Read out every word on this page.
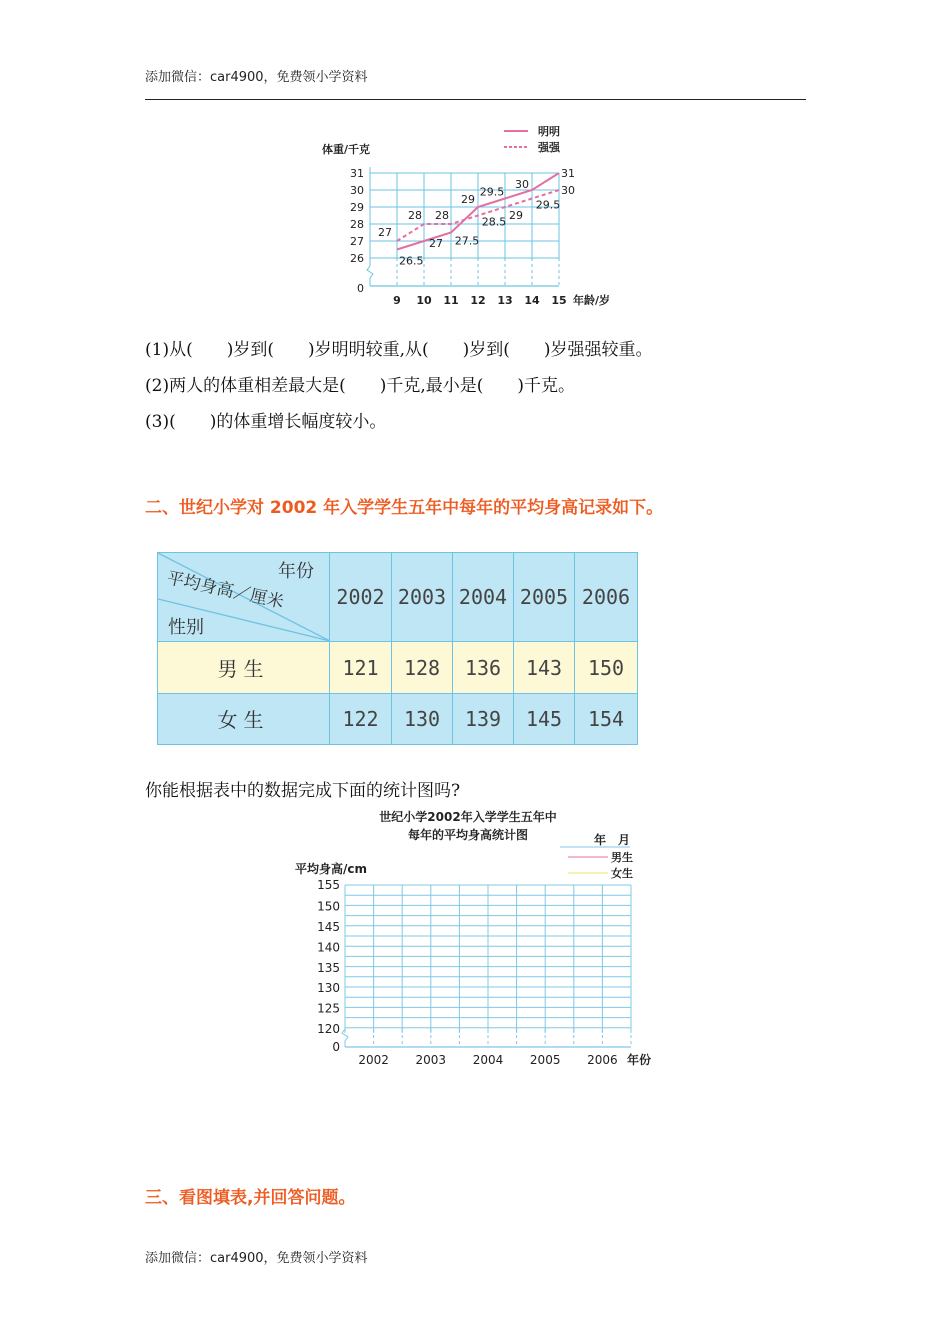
添加微信：car4900，免费领小学资料
0
26
27
28
29
30
31
9 10 11 12 13 14 15 年龄/岁
体重/千克
明明
强强
26.5
27 27.5
29
29.5
30
31
27
28 28	28.5 29
29.5
30
(1)从(　　)岁到(　　)岁明明较重,从(　　)岁到(　　)岁强强较重。
(2)两人的体重相差最大是(　　)千克,最小是(　　)千克。
(3)(　　)的体重增长幅度较小。
二、世纪小学对 2002 年入学学生五年中每年的平均身高记录如下。
年份
平均身高／厘米
性别	2002	2003	2004	2005	2006
男生	121	128	136	143	150
女生	122	130	139	145	154
你能根据表中的数据完成下面的统计图吗?
世纪小学2002年入学学生五年中
每年的平均身高统计图	年　月
男生
女生
平均身高/cm
0
120
125
130
135
140
145
150
155
2002 2003 2004 2005 2006 年份
三、看图填表,并回答问题。
添加微信：car4900，免费领小学资料
